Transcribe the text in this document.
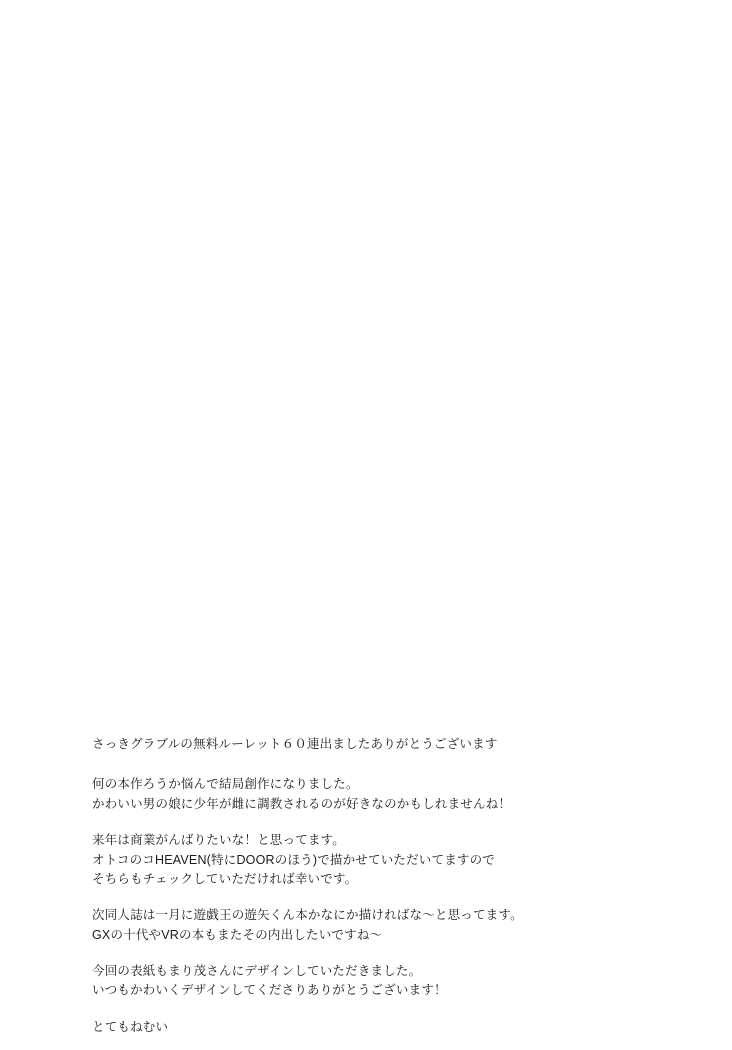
さっきグラブルの無料ルーレット６０連出ましたありがとうございます

何の本作ろうか悩んで結局創作になりました。
かわいい男の娘に少年が雌に調教されるのが好きなのかもしれませんね！

来年は商業がんばりたいな！と思ってます。
オトコのコHEAVEN(特にDOORのほう)で描かせていただいてますので
そちらもチェックしていただければ幸いです。

次同人誌は一月に遊戯王の遊矢くん本かなにか描ければな〜と思ってます。
GXの十代やVRの本もまたその内出したいですね〜

今回の表紙もまり茂さんにデザインしていただきました。
いつもかわいくデザインしてくださりありがとうございます！

とてもねむい
